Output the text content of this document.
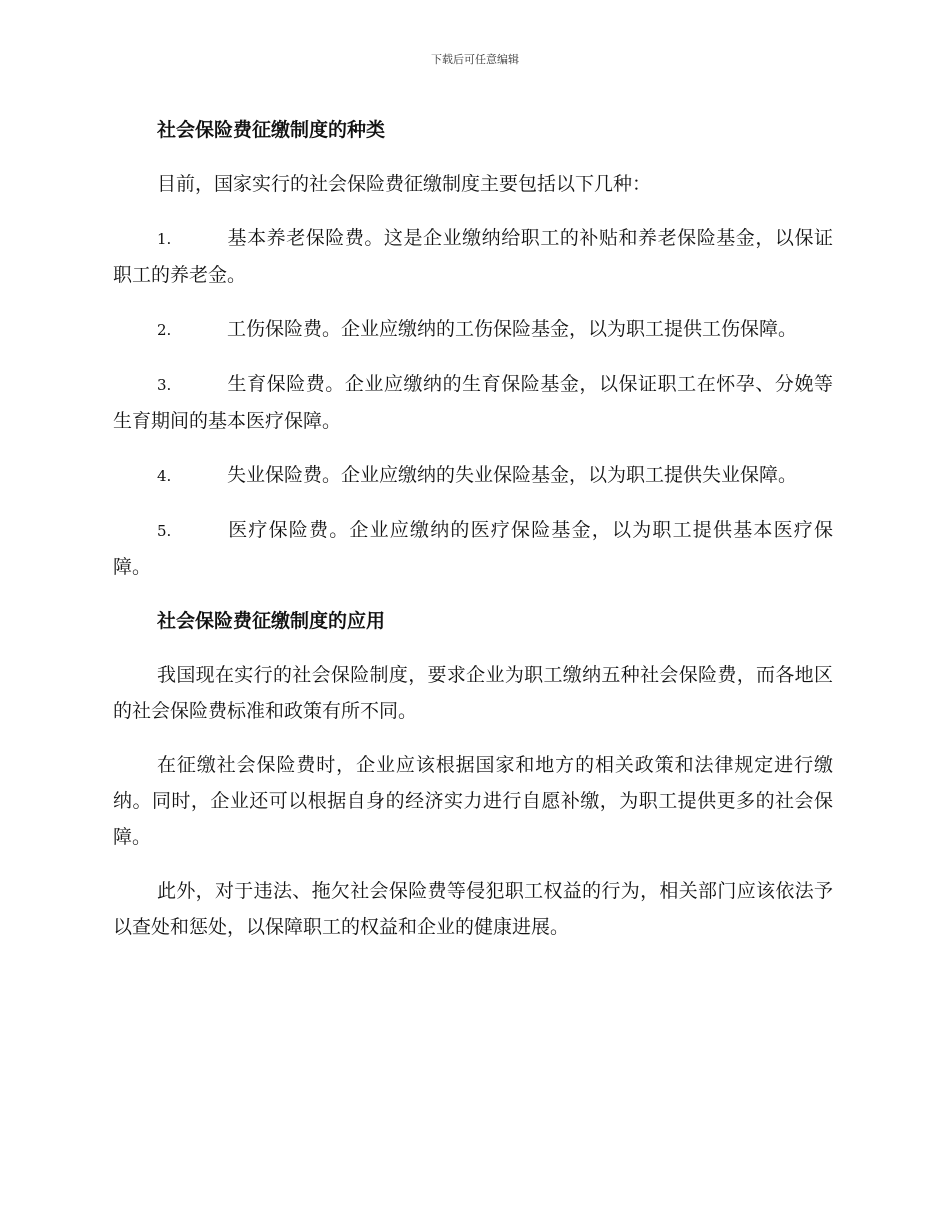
下载后可任意编辑
社会保险费征缴制度的种类
目前，国家实行的社会保险费征缴制度主要包括以下几种：
1.	基本养老保险费。这是企业缴纳给职工的补贴和养老保险基金，以保证职工的养老金。
2.	工伤保险费。企业应缴纳的工伤保险基金，以为职工提供工伤保障。
3.	生育保险费。企业应缴纳的生育保险基金，以保证职工在怀孕、分娩等生育期间的基本医疗保障。
4.	失业保险费。企业应缴纳的失业保险基金，以为职工提供失业保障。
5.	医疗保险费。企业应缴纳的医疗保险基金，以为职工提供基本医疗保障。
社会保险费征缴制度的应用
我国现在实行的社会保险制度，要求企业为职工缴纳五种社会保险费，而各地区的社会保险费标准和政策有所不同。
在征缴社会保险费时，企业应该根据国家和地方的相关政策和法律规定进行缴纳。同时，企业还可以根据自身的经济实力进行自愿补缴，为职工提供更多的社会保障。
此外，对于违法、拖欠社会保险费等侵犯职工权益的行为，相关部门应该依法予以查处和惩处，以保障职工的权益和企业的健康进展。
